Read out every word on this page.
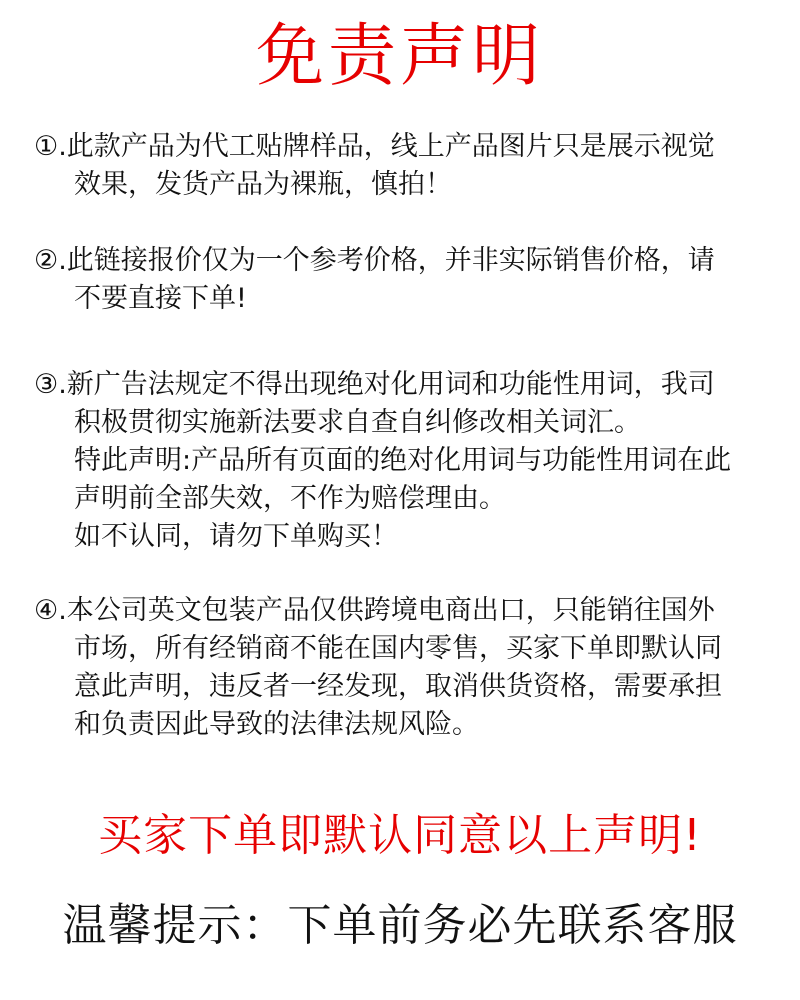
免责声明
①.此款产品为代工贴牌样品，线上产品图片只是展示视觉
效果，发货产品为裸瓶，慎拍！
②.此链接报价仅为一个参考价格，并非实际销售价格，请
不要直接下单!
③.新广告法规定不得出现绝对化用词和功能性用词，我司
积极贯彻实施新法要求自查自纠修改相关词汇。
特此声明:产品所有页面的绝对化用词与功能性用词在此
声明前全部失效，不作为赔偿理由。
如不认同，请勿下单购买！
④.本公司英文包装产品仅供跨境电商出口，只能销往国外
市场，所有经销商不能在国内零售，买家下单即默认同
意此声明，违反者一经发现，取消供货资格，需要承担
和负责因此导致的法律法规风险。
买家下单即默认同意以上声明!
温馨提示：下单前务必先联系客服
